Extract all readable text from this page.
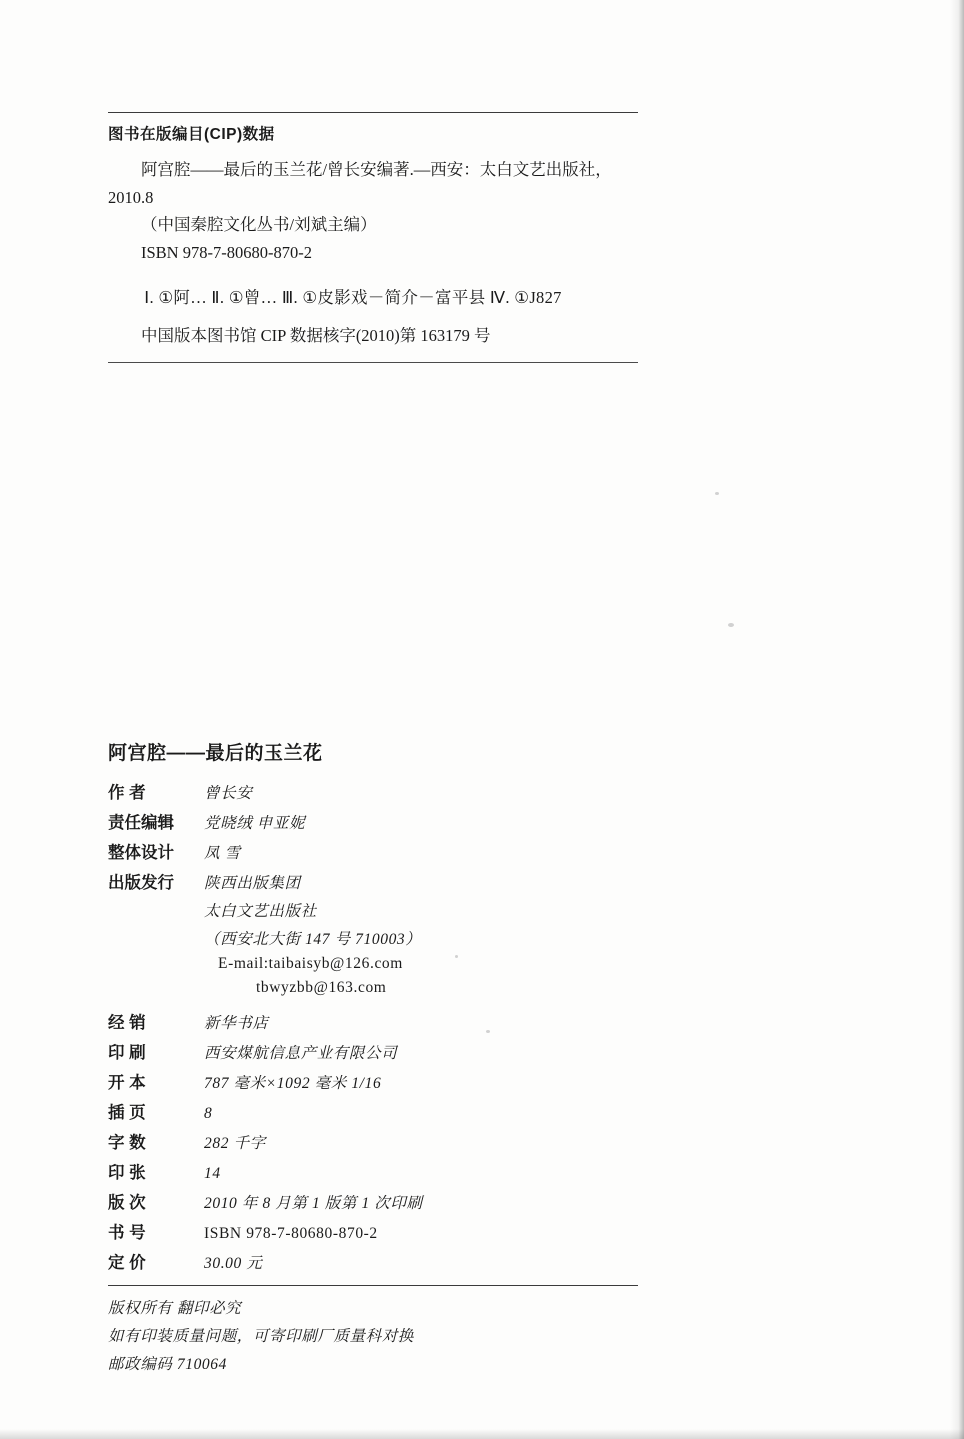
图书在版编目(CIP)数据
阿宫腔——最后的玉兰花/曾长安编著.—西安：太白文艺出版社，
2010.8
（中国秦腔文化丛书/刘斌主编）
ISBN 978-7-80680-870-2
Ⅰ. ①阿… Ⅱ. ①曾… Ⅲ. ①皮影戏－简介－富平县 Ⅳ. ①J827
中国版本图书馆 CIP 数据核字(2010)第 163179 号
阿宫腔——最后的玉兰花
作 者	曾长安
责任编辑	党晓绒 申亚妮
整体设计	凤 雪
出版发行	陕西出版集团
太白文艺出版社
（西安北大街 147 号 710003）
E-mail:taibaisyb@126.com
tbwyzbb@163.com
经 销	新华书店
印 刷	西安煤航信息产业有限公司
开 本	787 毫米×1092 毫米 1/16
插 页	8
字 数	282 千字
印 张	14
版 次	2010 年 8 月第 1 版第 1 次印刷
书 号	ISBN 978-7-80680-870-2
定 价	30.00 元
版权所有 翻印必究
如有印装质量问题，可寄印刷厂质量科对换
邮政编码 710064
